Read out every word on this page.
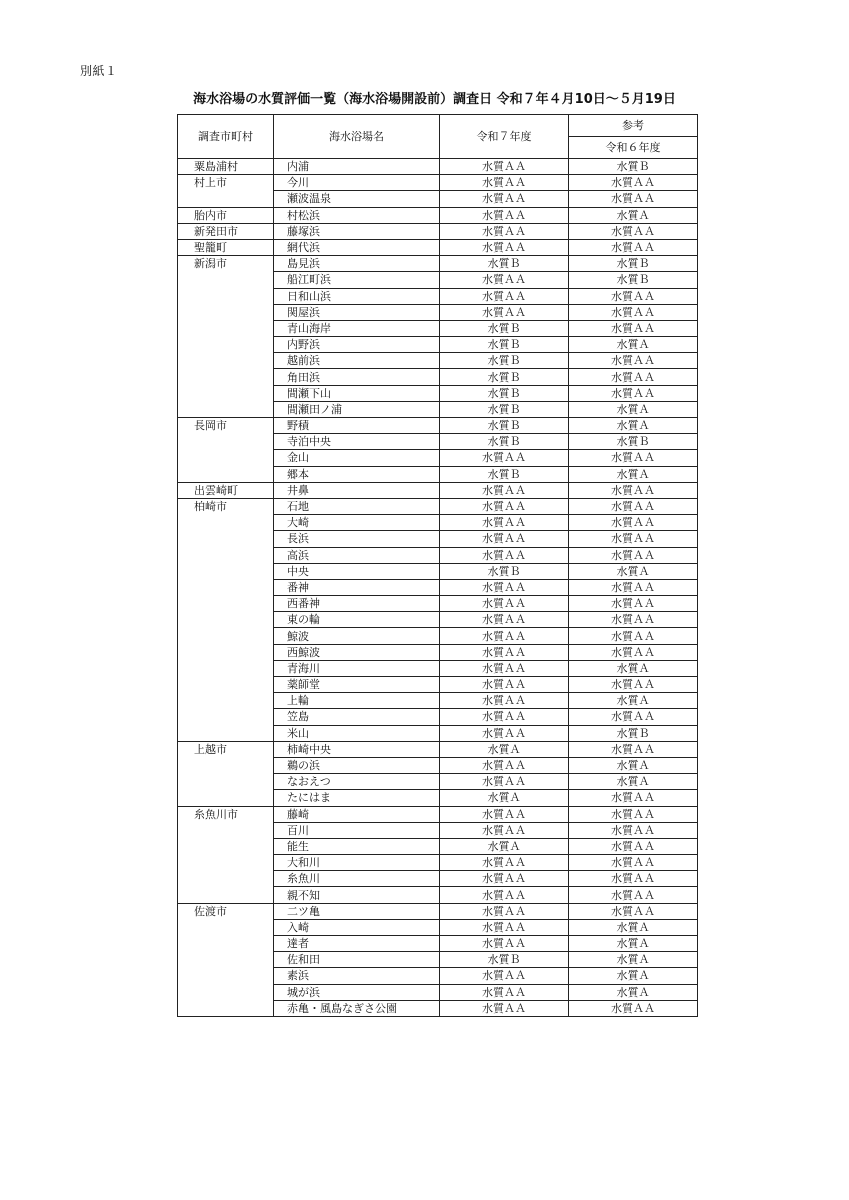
別紙１
海水浴場の水質評価一覧（海水浴場開設前）調査日 令和７年４月10日～５月19日
調査市町村	海水浴場名	令和７年度	参考
			令和６年度
粟島浦村	内浦	水質ＡＡ	水質Ｂ
村上市	今川	水質ＡＡ	水質ＡＡ
	瀬波温泉	水質ＡＡ	水質ＡＡ
胎内市	村松浜	水質ＡＡ	水質Ａ
新発田市	藤塚浜	水質ＡＡ	水質ＡＡ
聖籠町	網代浜	水質ＡＡ	水質ＡＡ
新潟市	島見浜	水質Ｂ	水質Ｂ
	船江町浜	水質ＡＡ	水質Ｂ
	日和山浜	水質ＡＡ	水質ＡＡ
	関屋浜	水質ＡＡ	水質ＡＡ
	青山海岸	水質Ｂ	水質ＡＡ
	内野浜	水質Ｂ	水質Ａ
	越前浜	水質Ｂ	水質ＡＡ
	角田浜	水質Ｂ	水質ＡＡ
	間瀬下山	水質Ｂ	水質ＡＡ
	間瀬田ノ浦	水質Ｂ	水質Ａ
長岡市	野積	水質Ｂ	水質Ａ
	寺泊中央	水質Ｂ	水質Ｂ
	金山	水質ＡＡ	水質ＡＡ
	郷本	水質Ｂ	水質Ａ
出雲崎町	井鼻	水質ＡＡ	水質ＡＡ
柏崎市	石地	水質ＡＡ	水質ＡＡ
	大崎	水質ＡＡ	水質ＡＡ
	長浜	水質ＡＡ	水質ＡＡ
	高浜	水質ＡＡ	水質ＡＡ
	中央	水質Ｂ	水質Ａ
	番神	水質ＡＡ	水質ＡＡ
	西番神	水質ＡＡ	水質ＡＡ
	東の輪	水質ＡＡ	水質ＡＡ
	鯨波	水質ＡＡ	水質ＡＡ
	西鯨波	水質ＡＡ	水質ＡＡ
	青海川	水質ＡＡ	水質Ａ
	薬師堂	水質ＡＡ	水質ＡＡ
	上輪	水質ＡＡ	水質Ａ
	笠島	水質ＡＡ	水質ＡＡ
	米山	水質ＡＡ	水質Ｂ
上越市	柿崎中央	水質Ａ	水質ＡＡ
	鵜の浜	水質ＡＡ	水質Ａ
	なおえつ	水質ＡＡ	水質Ａ
	たにはま	水質Ａ	水質ＡＡ
糸魚川市	藤崎	水質ＡＡ	水質ＡＡ
	百川	水質ＡＡ	水質ＡＡ
	能生	水質Ａ	水質ＡＡ
	大和川	水質ＡＡ	水質ＡＡ
	糸魚川	水質ＡＡ	水質ＡＡ
	親不知	水質ＡＡ	水質ＡＡ
佐渡市	二ツ亀	水質ＡＡ	水質ＡＡ
	入崎	水質ＡＡ	水質Ａ
	達者	水質ＡＡ	水質Ａ
	佐和田	水質Ｂ	水質Ａ
	素浜	水質ＡＡ	水質Ａ
	城が浜	水質ＡＡ	水質Ａ
	赤亀・風島なぎさ公園	水質ＡＡ	水質ＡＡ
